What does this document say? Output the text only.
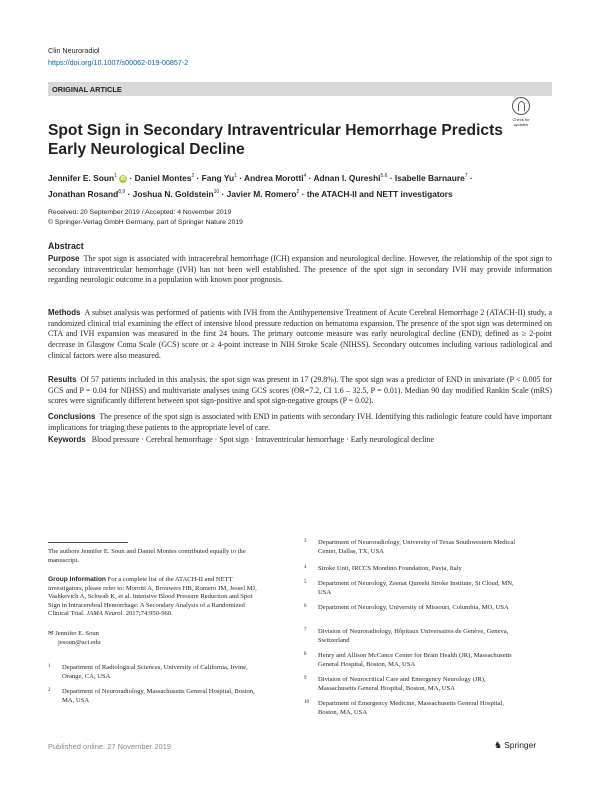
Clin Neuroradiol
https://doi.org/10.1007/s00062-019-00857-2
ORIGINAL ARTICLE
Check for updates
Spot Sign in Secondary Intraventricular Hemorrhage Predicts Early Neurological Decline
Jennifer E. Soun$^1$ iD · Daniel Montes$^2$ · Fang $Yu^1$ · Andrea Morotti$^4$ · Adnan I. Qureshi$^{5,6}$ · Isabelle Barnaure$^7$ ·
Jonathan Rosand$^{8,9}$ · Joshua N. Goldstein$^{10}$ · Javier M. Romero$^2$ · the ATACH-II and NETT investigators
Received: 20 September 2019 / Accepted: 4 November 2019
© Springer-Verlag GmbH Germany, part of Springer Nature 2019
Abstract

Purpose The spot sign is associated with intracerebral hemorrhage (ICH) expansion and neurological decline. However, the relationship of the spot sign to secondary intraventricular hemorrhage (IVH) has not been well established. The presence of the spot sign in secondary IVH may provide information regarding neurologic outcome in a population with known poor prognosis.

Methods A subset analysis was performed of patients with IVH from the Antihypertensive Treatment of Acute Cerebral Hemorrhage 2 (ATACH-II) study, a randomized clinical trial examining the effect of intensive blood pressure reduction on hematoma expansion. The presence of the spot sign was determined on CTA and IVH expansion was measured in the first 24 hours. The primary outcome measure was early neurological decline (END), defined as ≥ 2-point decrease in Glasgow Coma Scale (GCS) score or ≥ 4-point increase in NIH Stroke Scale (NIHSS). Secondary outcomes including various radiological and clinical factors were also measured.

Results Of 57 patients included in this analysis, the spot sign was present in 17 (29.8%). The spot sign was a predictor of END in univariate (P < 0.005 for GCS and P = 0.04 for NIHSS) and multivariate analyses using GCS scores (OR=7.2, CI 1.6 – 32.5, P = 0.01). Median 90 day modified Rankin Scale (mRS) scores were significantly different between spot sign-positive and spot sign-negative groups (P = 0.02).

Conclusions The presence of the spot sign is associated with END in patients with secondary IVH. Identifying this radiologic feature could have important implications for triaging these patients to the appropriate level of care.

Keywords Blood pressure · Cerebral hemorrhage · Spot sign · Intraventricular hemorrhage · Early neurological decline
The authors Jennifer E. Soun and Daniel Montes contributed equally to the manuscript.
Group Information For a complete list of the ATACH-II and NETT investigators, please refer to: Morotti A, Brouwers HB, Romero JM, Jessel MJ, Vashkevich A, Schwab K, et al. Intensive Blood Pressure Reduction and Spot Sign in Intracerebral Hemorrhage: A Secondary Analysis of a Randomized Clinical Trial. JAMA Neurol. 2017;74:950-960.
✉ Jennifer E. Soun
jesoun@uci.edu
1 Department of Radiological Sciences, University of California, Irvine, Orange, CA, USA
2 Department of Neuroradiology, Massachusetts General Hospital, Boston, MA, USA
3 Department of Neuroradiology, University of Texas Southwestern Medical Center, Dallas, TX, USA
4 Stroke Unit, IRCCS Mondino Foundation, Pavia, Italy
5 Department of Neurology, Zeenat Qureshi Stroke Institute, St Cloud, MN, USA
6 Department of Neurology, University of Missouri, Columbia, MO, USA
7 Division of Neuroradiology, Hôpitaux Universaires de Genève, Geneva, Switzerland
8 Henry and Allison McCance Center for Brain Health (JR), Massachusetts General Hospital, Boston, MA, USA
9 Division of Neurocritical Care and Emergency Neurology (JR), Massachusetts General Hospital, Boston, MA, USA
10 Department of Emergency Medicine, Massachusetts General Hospital, Boston, MA, USA
Published online: 27 November 2019	♞ Springer
